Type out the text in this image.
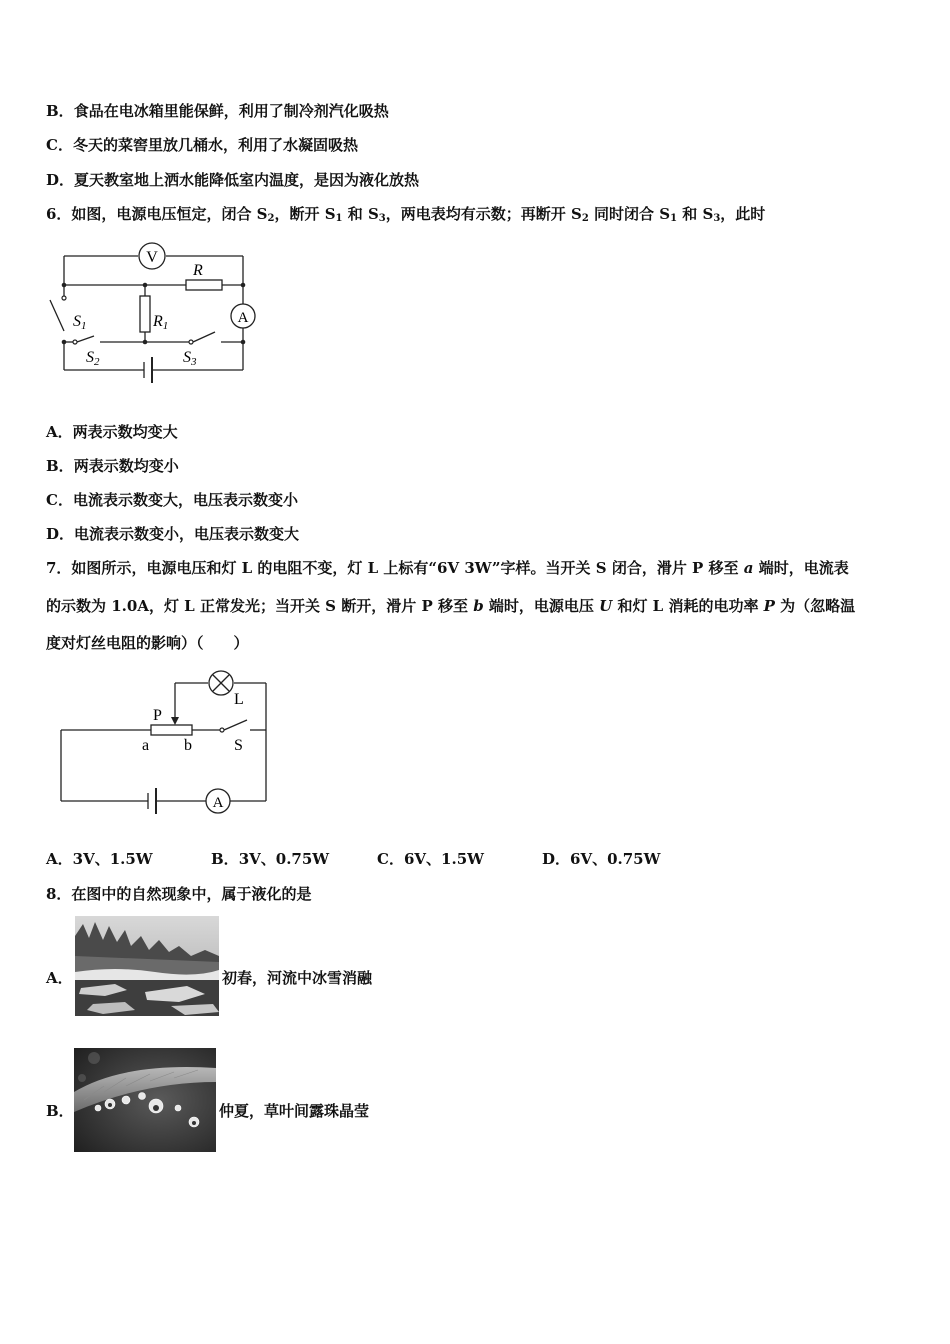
B．食品在电冰箱里能保鲜，利用了制冷剂汽化吸热
C．冬天的菜窖里放几桶水，利用了水凝固吸热
D．夏天教室地上洒水能降低室内温度，是因为液化放热
6．如图，电源电压恒定，闭合 $S_2$，断开 $S_1$ 和 $S_3$，两电表均有示数；再断开 $S_2$ 同时闭合 $S_1$ 和 $S_3$，此时
V
A
R
R1
S1
S2	S3
A．两表示数均变大
B．两表示数均变小
C．电流表示数变大，电压表示数变小
D．电流表示数变小，电压表示数变大
7．如图所示，电源电压和灯 L 的电阻不变，灯 L 上标有“6V 3W”字样。当开关 S 闭合，滑片 P 移至 a 端时，电流表
的示数为 1.0A，灯 L 正常发光；当开关 S 断开，滑片 P 移至 b 端时，电源电压 U 和灯 L 消耗的电功率 P 为（忽略温
度对灯丝电阻的影响）（　　）
A
L
P
a b	S
A．3V、1.5W	B．3V、0.75W	C．6V、1.5W	D．6V、0.75W
8．在图中的自然现象中，属于液化的是
A．	初春，河流中冰雪消融
B．	仲夏，草叶间露珠晶莹
